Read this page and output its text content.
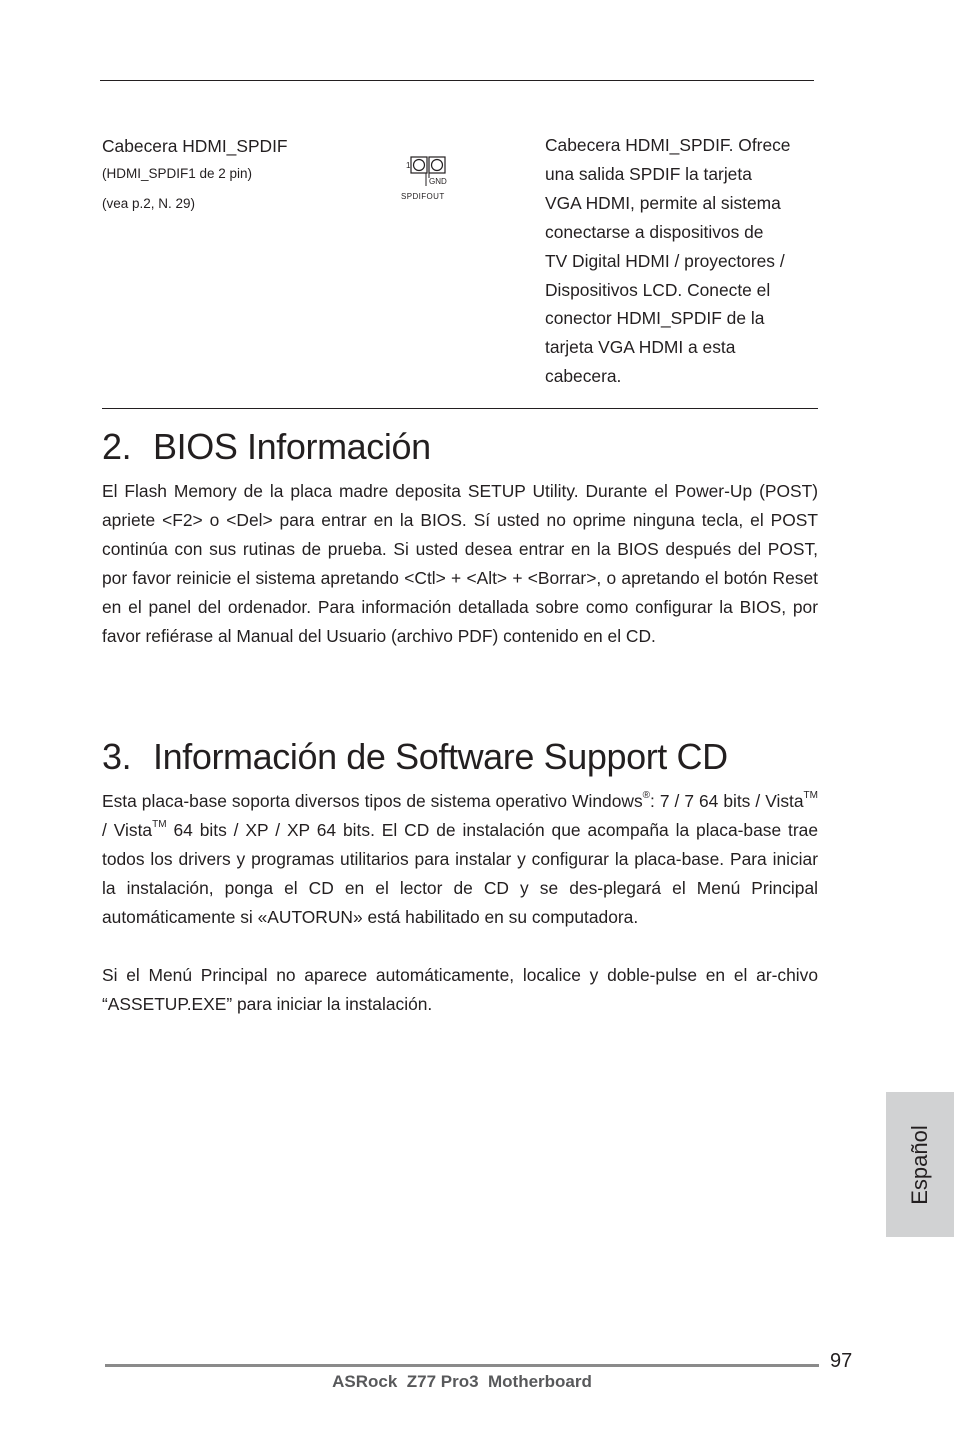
Cabecera HDMI_SPDIF
(HDMI_SPDIF1 de 2 pin)
(vea p.2, N. 29)
1
GND
SPDIFOUT
Cabecera HDMI_SPDIF. Ofrece
una salida SPDIF la tarjeta
VGA HDMI, permite al sistema
conectarse a dispositivos de
TV Digital HDMI / proyectores /
Dispositivos LCD. Conecte el
conector HDMI_SPDIF de la
tarjeta VGA HDMI a esta
cabecera.
2. BIOS Información
El Flash Memory de la placa madre deposita SETUP Utility. Durante el Power-Up (POST) apriete <F2> o <Del> para entrar en la BIOS. Sí usted no oprime ninguna tecla, el POST continúa con sus rutinas de prueba. Si usted desea entrar en la BIOS después del POST, por favor reinicie el sistema apretando <Ctl> + <Alt> + <Borrar>, o apretando el botón Reset en el panel del ordenador. Para información detallada sobre como configurar la BIOS, por favor refiérase al Manual del Usuario (archivo PDF) contenido en el CD.
3. Información de Software Support CD
Esta placa-base soporta diversos tipos de sistema operativo Windows®: 7 / 7 64 bits / Vista™ / Vista™ 64 bits / XP / XP 64 bits. El CD de instalación que acompaña la placa-base trae todos los drivers y programas utilitarios para instalar y configurar la placa-base. Para iniciar la instalación, ponga el CD en el lector de CD y se des-plegará el Menú Principal automáticamente si «AUTORUN» está habilitado en su computadora.
Si el Menú Principal no aparece automáticamente, localice y doble-pulse en el ar-chivo “ASSETUP.EXE” para iniciar la instalación.
Español
97
ASRock  Z77 Pro3  Motherboard
